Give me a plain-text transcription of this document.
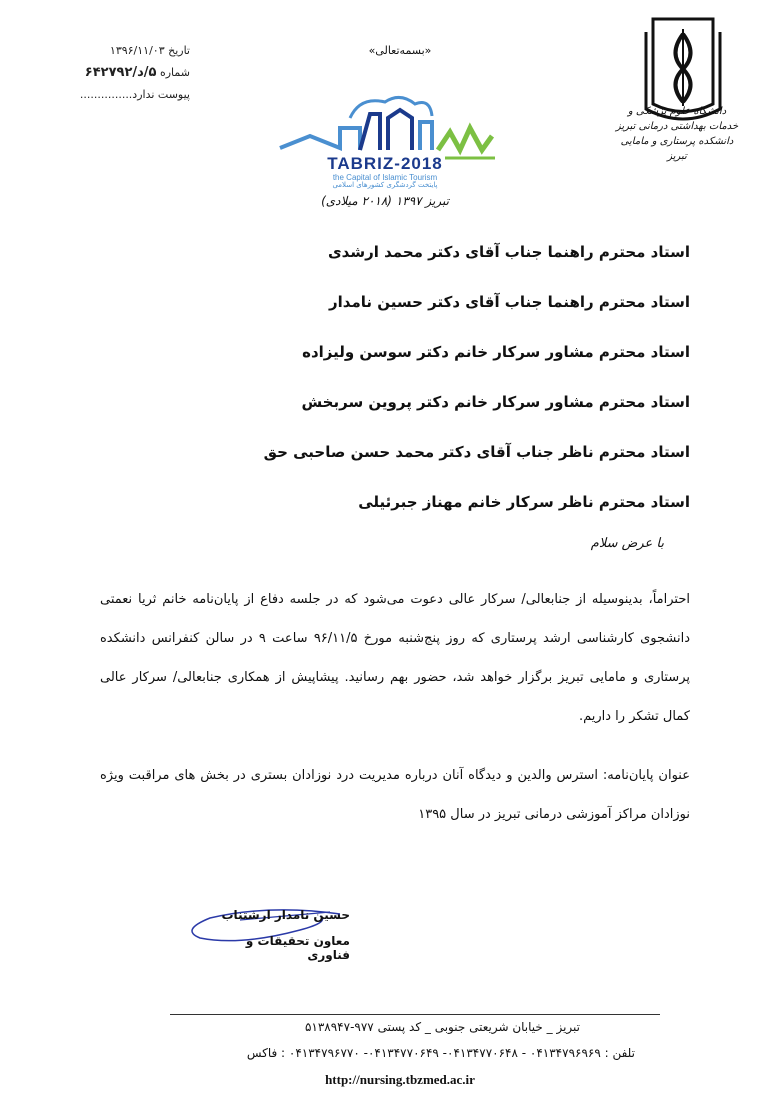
تاریخ ۱۳۹۶/۱۱/۰۳
شماره ۵/د/۶۴۲۷۹۲
پیوست ندارد...............
«بسمه‌تعالی»
دانشگاه علوم پزشکی و خدمات بهداشتی درمانی تبریز
دانشکده پرستاری و مامایی تبریز
TABRIZ-2018
the Capital of Islamic Tourism
پایتخت گردشگری کشورهای اسلامی
تبریز ۱۳۹۷ (۲۰۱۸ میلادی)
استاد محترم راهنما جناب آقای دکتر محمد ارشدی
استاد محترم راهنما جناب آقای دکتر حسین نامدار
استاد محترم مشاور سرکار خانم دکتر سوسن ولیزاده
استاد محترم مشاور سرکار خانم دکتر پروین سربخش
استاد محترم ناظر جناب آقای دکتر محمد حسن صاحبی حق
استاد محترم ناظر سرکار خانم مهناز جبرئیلی
با عرض سلام
احتراماً، بدینوسیله از جنابعالی/ سرکار عالی دعوت می‌شود که در جلسه دفاع از پایان‌نامه خانم ثریا نعمتی دانشجوی کارشناسی ارشد پرستاری که روز پنج‌شنبه مورخ ۹۶/۱۱/۵ ساعت ۹ در سالن کنفرانس دانشکده پرستاری و مامایی تبریز برگزار خواهد شد، حضور بهم رسانید. پیشاپیش از همکاری جنابعالی/ سرکار عالی کمال تشکر را داریم.
عنوان پایان‌نامه: استرس والدین و دیدگاه آنان درباره مدیریت درد نوزادان بستری در بخش های مراقبت ویژه نوزادان مراکز آموزشی درمانی تبریز در سال ۱۳۹۵
حسین نامدار ارشتناب
معاون تحقیقات و فناوری
تبریز _ خیابان شریعتی جنوبی _ کد پستی ۹۷۷-۵۱۳۸۹۴۷
تلفن : ۰۴۱۳۴۷۹۶۹۶۹ - ۰۴۱۳۴۷۷۰۶۴۸- ۰۴۱۳۴۷۷۰۶۴۹- ۰۴۱۳۴۷۹۶۷۷۰ : فاکس
http://nursing.tbzmed.ac.ir
